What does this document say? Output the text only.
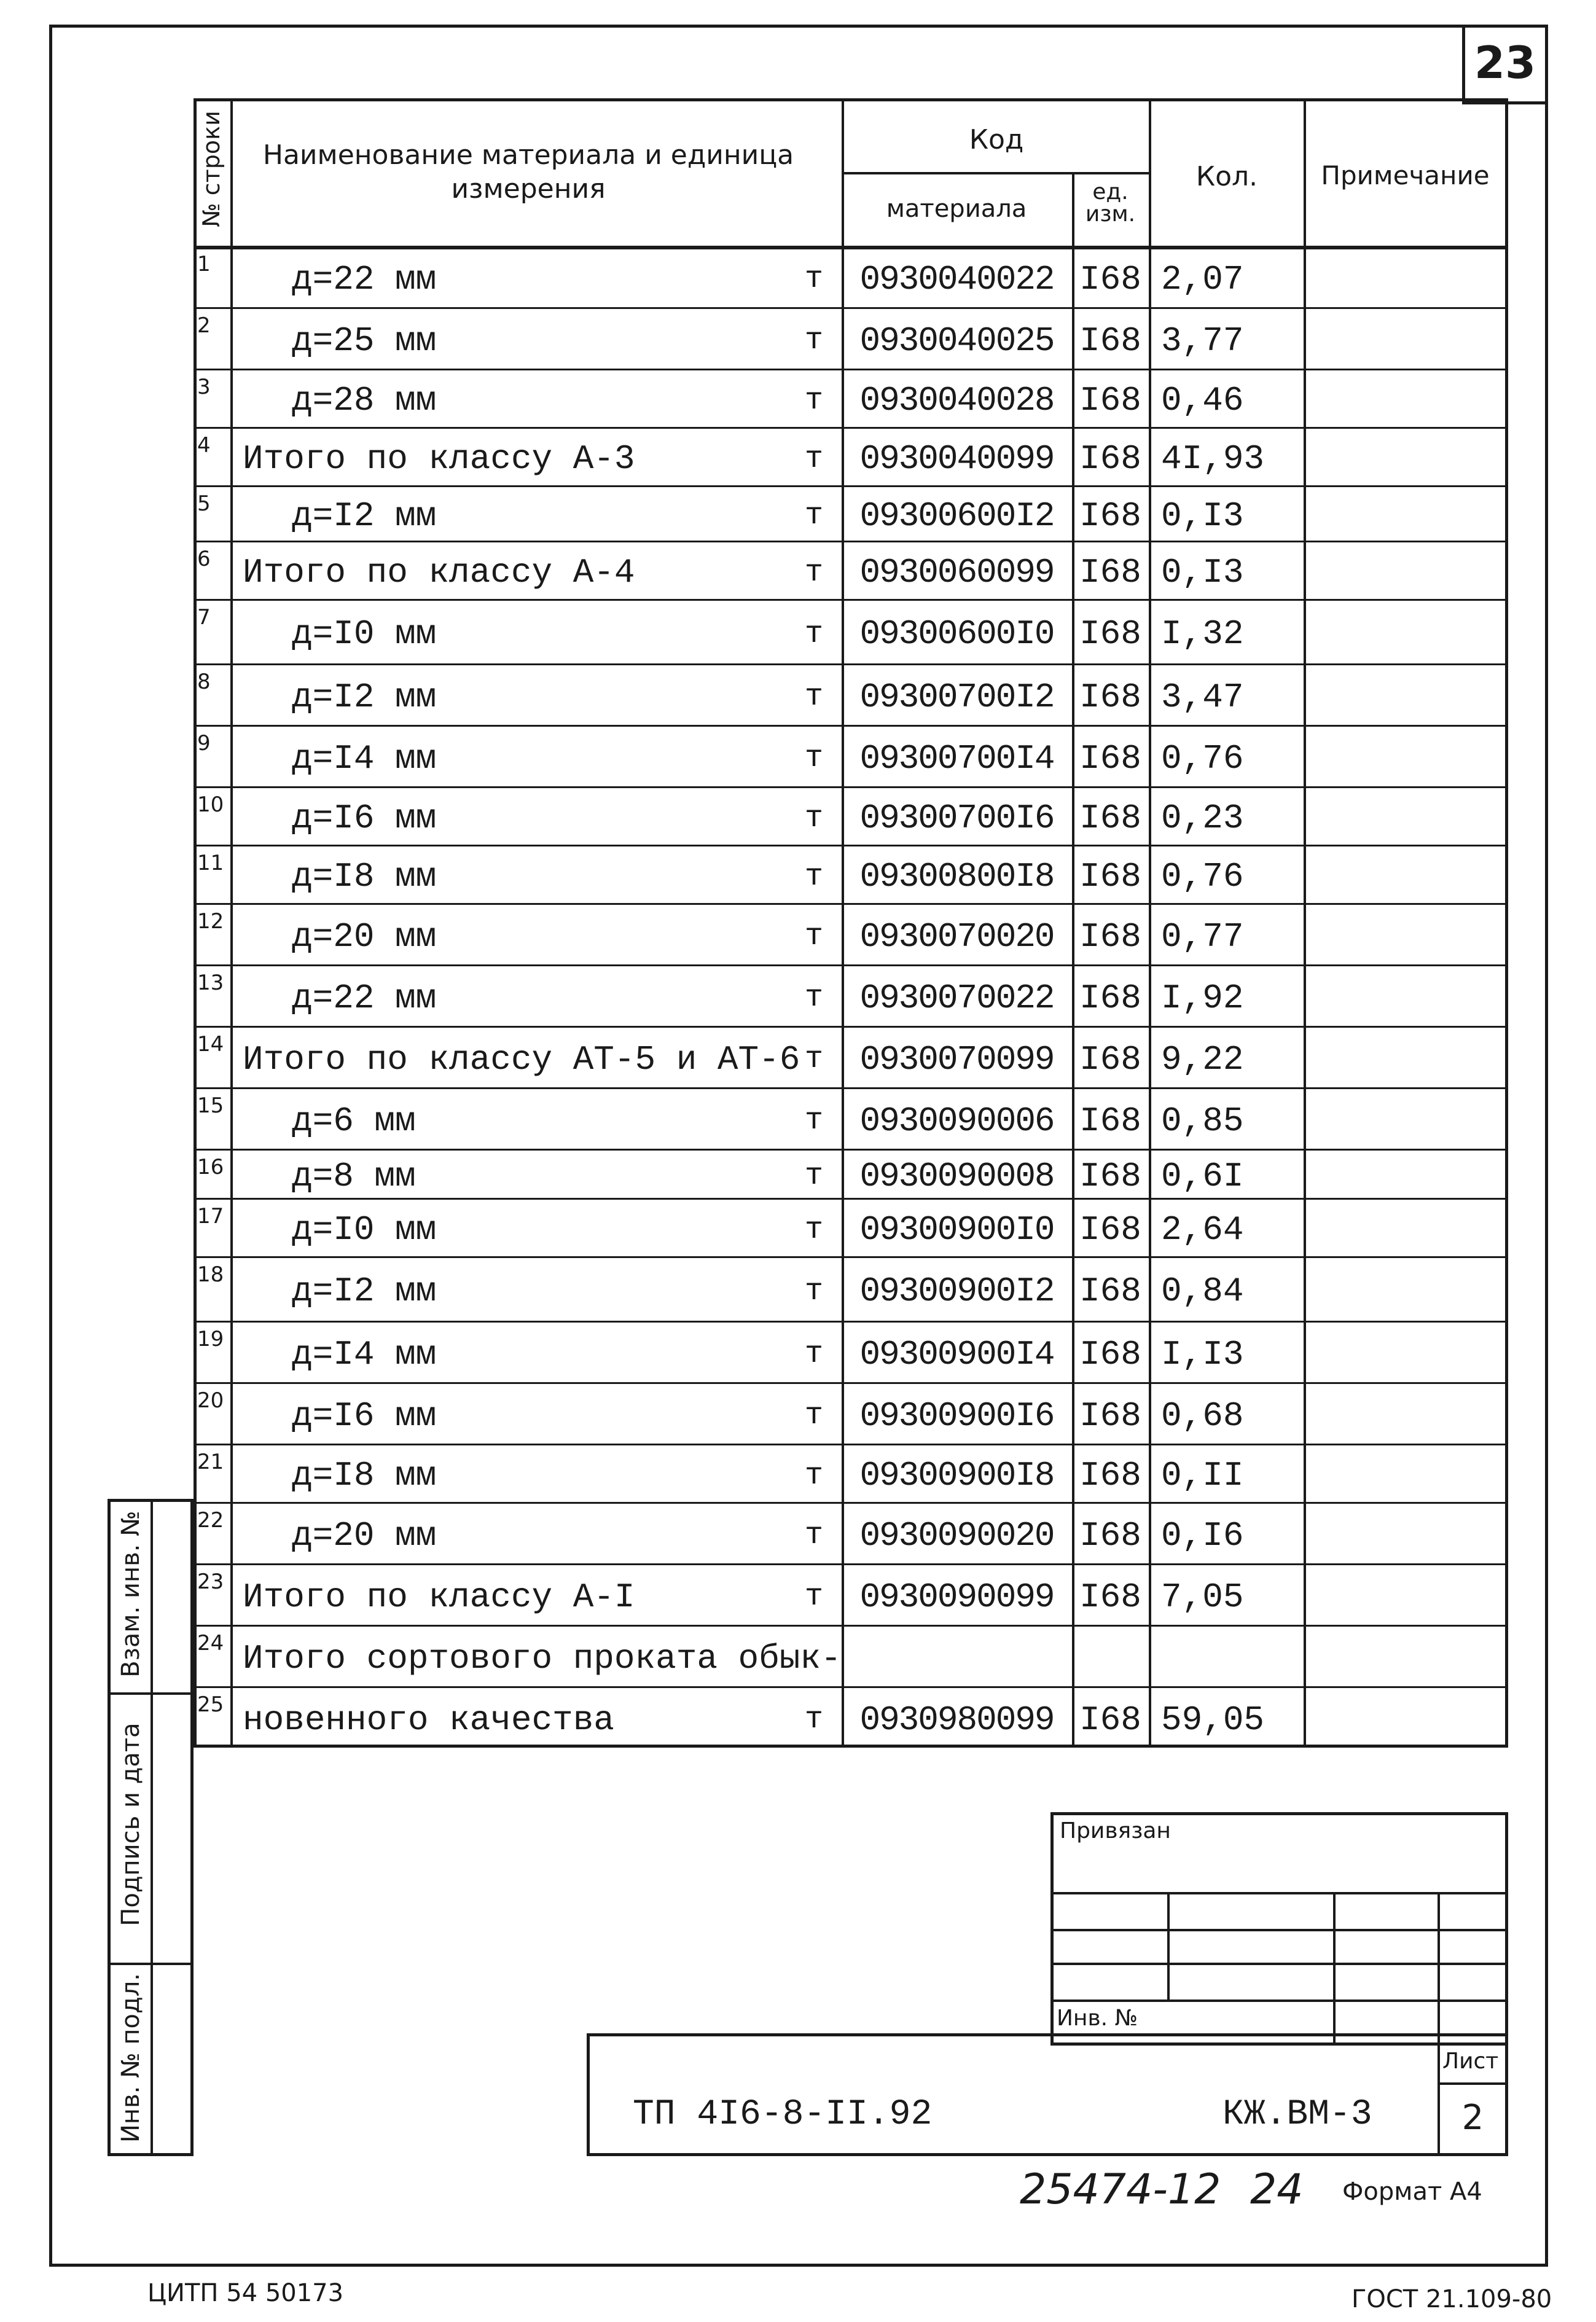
23
№ строки	Наименование материала и единица измерения
Код
материала
ед. изм.
Кол.	Примечание
1	д=22 мм	т	0930040022 I68 2,07
2	д=25 мм	т	0930040025 I68 3,77
3	д=28 мм	т	0930040028 I68 0,46
4 Итого по классу А-3	т	0930040099 I68 4I,93
5	д=I2 мм	т	09300600I2 I68 0,I3
6 Итого по классу А-4	т	0930060099 I68 0,I3
7	д=I0 мм	т	09300600I0 I68 I,32
8	д=I2 мм	т	09300700I2 I68 3,47
9	д=I4 мм	т	09300700I4 I68 0,76
10	д=I6 мм	т	09300700I6 I68 0,23
11	д=I8 мм	т	09300800I8 I68 0,76
12	д=20 мм	т	0930070020 I68 0,77
13	д=22 мм	т	0930070022 I68 I,92
14 Итого по классу АТ-5 и АТ-6 т	0930070099 I68 9,22
15	д=6 мм	т	0930090006 I68 0,85
16	д=8 мм	т	0930090008 I68 0,6I
17	д=I0 мм	т	09300900I0 I68 2,64
18	д=I2 мм	т	09300900I2 I68 0,84
19	д=I4 мм	т	09300900I4 I68 I,I3
20	д=I6 мм	т	09300900I6 I68 0,68
21	д=I8 мм	т	09300900I8 I68 0,II
22	д=20 мм	т	0930090020 I68 0,I6
23 Итого по классу А-I	т	0930090099 I68 7,05
24 Итого сортового проката обык-
25 новенного качества	т	0930980099 I68 59,05
Взам. инв. №
Подпись и дата
Инв. № подл.
Привязан
Инв. №
Лист
2
ТП 4I6-8-II.92	КЖ.ВМ-3
25474-12 24 Формат А4
ЦИТП 54 50173	ГОСТ 21.109-80
